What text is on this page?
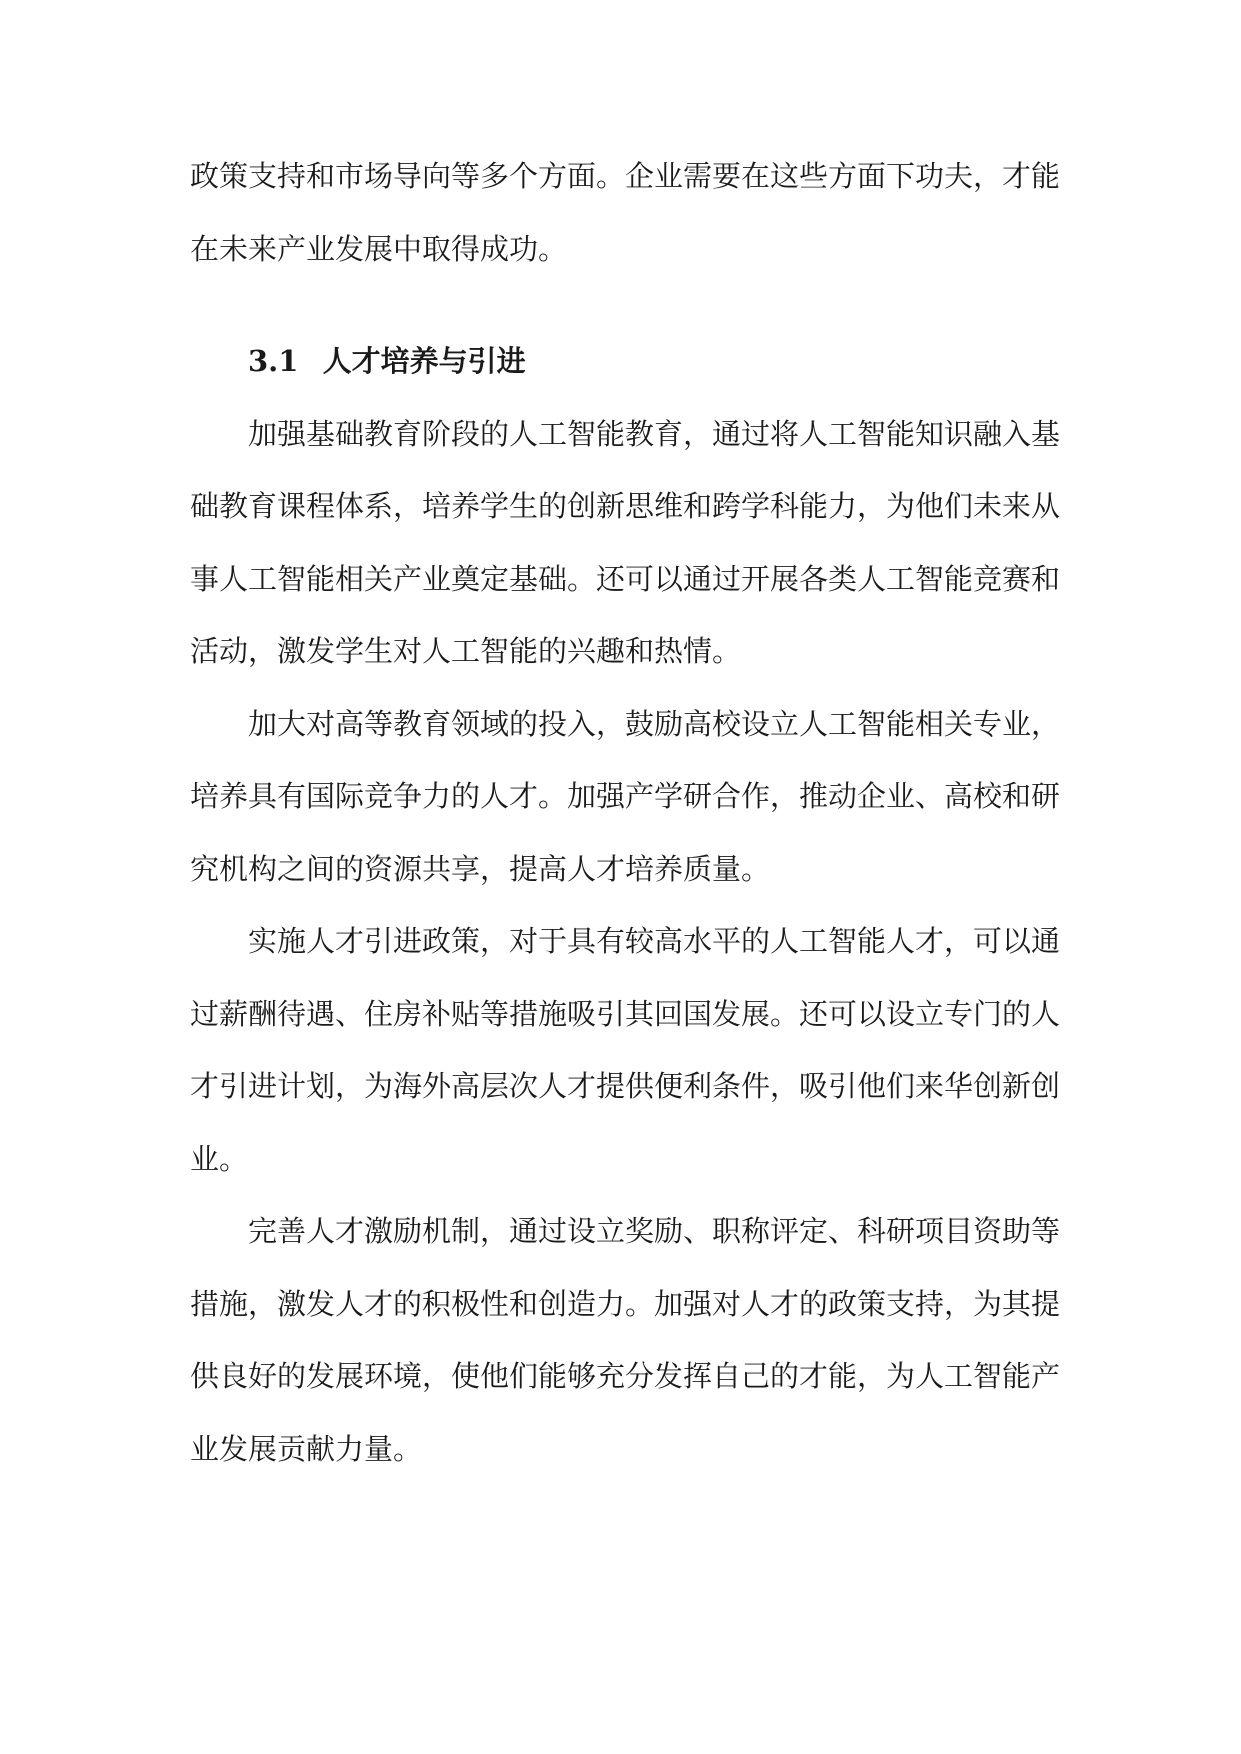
政策支持和市场导向等多个方面。企业需要在这些方面下功夫，才能
在未来产业发展中取得成功。
3.1 人才培养与引进
加强基础教育阶段的人工智能教育，通过将人工智能知识融入基
础教育课程体系，培养学生的创新思维和跨学科能力，为他们未来从
事人工智能相关产业奠定基础。还可以通过开展各类人工智能竞赛和
活动，激发学生对人工智能的兴趣和热情。
加大对高等教育领域的投入，鼓励高校设立人工智能相关专业，
培养具有国际竞争力的人才。加强产学研合作，推动企业、高校和研
究机构之间的资源共享，提高人才培养质量。
实施人才引进政策，对于具有较高水平的人工智能人才，可以通
过薪酬待遇、住房补贴等措施吸引其回国发展。还可以设立专门的人
才引进计划，为海外高层次人才提供便利条件，吸引他们来华创新创
业。
完善人才激励机制，通过设立奖励、职称评定、科研项目资助等
措施，激发人才的积极性和创造力。加强对人才的政策支持，为其提
供良好的发展环境，使他们能够充分发挥自己的才能，为人工智能产
业发展贡献力量。
